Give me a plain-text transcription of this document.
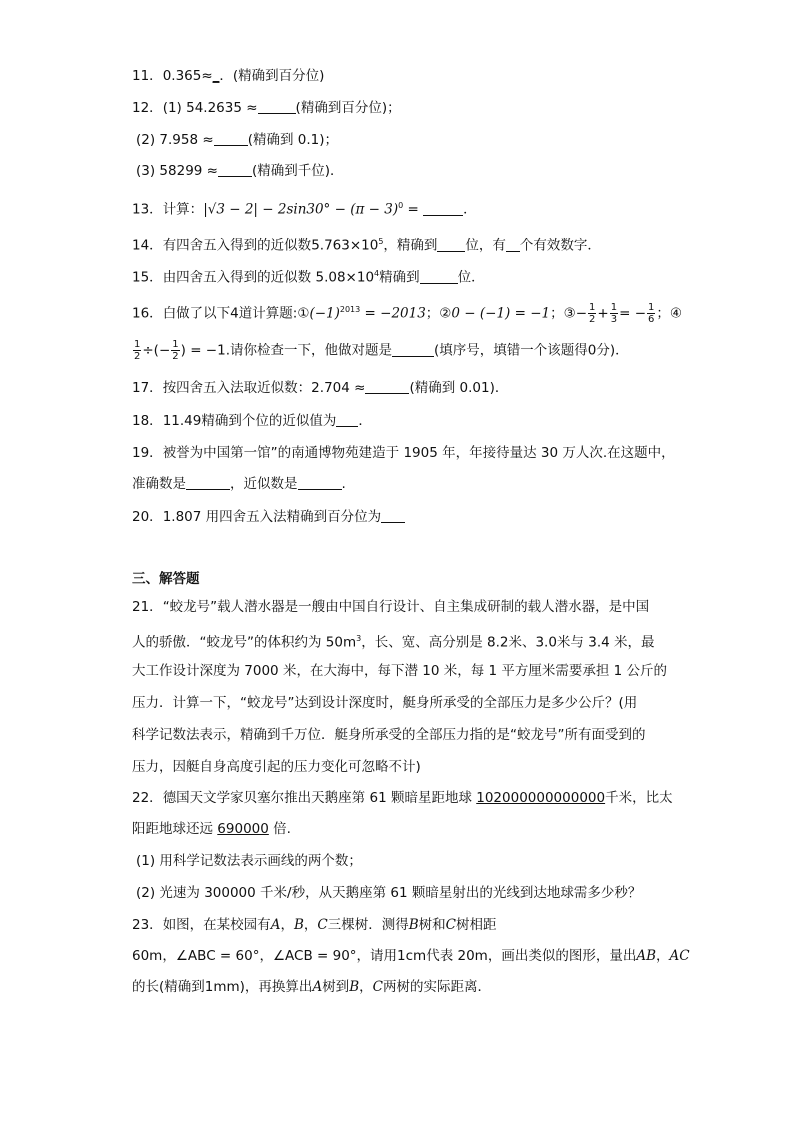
11．0.365≈_．(精确到百分位)
12．(1) 54.2635 ≈	(精确到百分位)；
(2) 7.958 ≈	(精确到 0.1)；
(3) 58299 ≈	(精确到千位)．
13．计算：$|√3 - 2| - 2\sin 30^\circ - (\pi - 3)^0$ =	．
14．有四舍五入得到的近似数$5.763\times 10^5$，精确到 位，有 个有效数字．
15．由四舍五入得到的近似数 $5.08\times 10^4$精确到	位．
16．白做了以下4道计算题$:①(-1)^{2013} = -2013$；②0 − (−1) = −1；③− $\frac{1}{2} + \frac{1}{3}$ = − $\frac{1}{6}$ ；④
$\frac{1}{2}$ ÷(− $\frac{1}{2}$ ) = −1.请你检查一下，他做对题是	(填序号，填错一个该题得0分)．
17．按四舍五入法取近似数：2.704 ≈	(精确到 0.01)．
18．11.49精确到个位的近似值为 ．
19．被誉为中国第一馆”的南通博物苑建造于 1905 年，年接待量达 30 万人次.在这题中，
准确数是	，近似数是	.
20．1.807 用四舍五入法精确到百分位为
三、解答题
21．“蛟龙号”载人潜水器是一艘由中国自行设计、自主集成研制的载人潜水器，是中国
人的骄傲．“蛟龙号”的体积约为 $50m^3$，长、宽、高分别是 8.2米、3.0米与 3.4 米，最
大工作设计深度为 7000 米，在大海中，每下潜 10 米，每 1 平方厘米需要承担 1 公斤的
压力．计算一下，“蛟龙号”达到设计深度时，艇身所承受的全部压力是多少公斤？(用
科学记数法表示，精确到千万位．艇身所承受的全部压力指的是“蛟龙号”所有面受到的
压力，因艇自身高度引起的压力变化可忽略不计)
22．德国天文学家贝塞尔推出天鹅座第 61 颗暗星距地球 102000000000000千米，比太
阳距地球还远 690000 倍.
(1) 用科学记数法表示画线的两个数；
(2) 光速为 300000 千米/秒，从天鹅座第 61 颗暗星射出的光线到达地球需多少秒？
23．如图，在某校园有A，B，C三棵树．测得B树和C树相距
60m，∠ABC = 60°，∠ACB = 90°，请用1cm代表 20m，画出类似的图形，量出AB，AC
的长(精确到1mm)，再换算出A树到B，C两树的实际距离．
